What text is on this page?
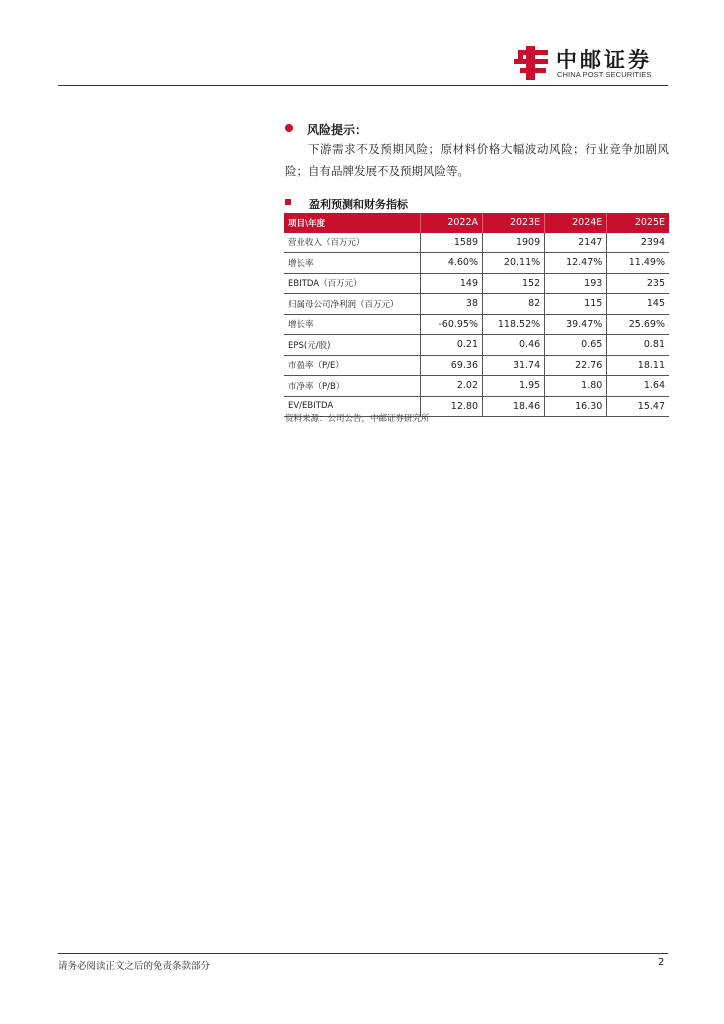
中邮证券
CHINA POST SECURITIES
风险提示：
下游需求不及预期风险；原材料价格大幅波动风险；行业竞争加剧风险；自有品牌发展不及预期风险等。
盈利预测和财务指标
项目\年度	2022A	2023E	2024E	2025E
营业收入（百万元）	1589	1909	2147	2394
增长率	4.60%	20.11%	12.47%	11.49%
EBITDA（百万元）	149	152	193	235
归属母公司净利润（百万元）	38	82	115	145
增长率	-60.95%	118.52%	39.47%	25.69%
EPS(元/股)	0.21	0.46	0.65	0.81
市盈率（P/E）	69.36	31.74	22.76	18.11
市净率（P/B）	2.02	1.95	1.80	1.64
EV/EBITDA	12.80	18.46	16.30	15.47
资料来源：公司公告，中邮证券研究所
请务必阅读正文之后的免责条款部分	2
